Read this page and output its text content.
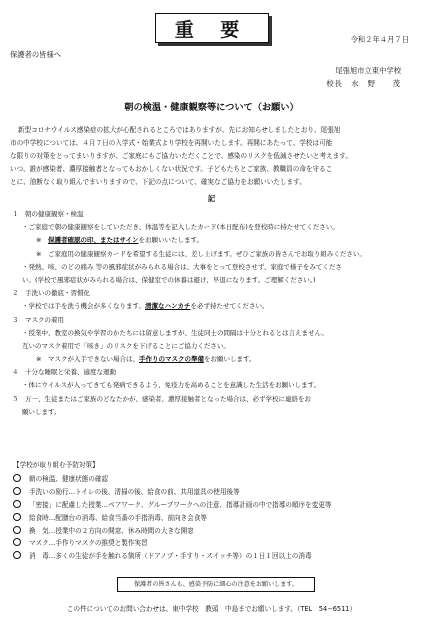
重 要	令和２年４月７日
保護者の皆様へ
尾張旭市立東中学校
校長　水　野　　茂
朝の検温・健康観察等について（お願い）

新型コロナウイルス感染症の拡大が心配されるところではありますが、先にお知らせしましたとおり、尾張旭

市の中学校については、４月７日の入学式・始業式より学校を再開いたします。再開にあたって、学校は可能
な限りの対策をとってまいりますが、ご家庭にもご協力いただくことで、感染のリスクを低減させたいと考えます。
いつ、誰が感染者、濃厚接触者となってもおかしくない状況です。子どもたちとご家族、教職員の命を守るこ
とに、油断なく取り組んでまいりますので、下記の点について、確実なご協力をお願いいたします。
記
１　朝の健康観察・検温
・ご家庭で朝の健康観察をしていただき、体温等を記入したカード(本日配布)を登校時に持たせてください。
※　 保護者確認の印、またはサインをお願いいたします。
※　ご家庭用の健康観察カードを希望する生徒には、差し上げます。ぜひご家族の皆さんでお取り組みください。
・発熱、咳、のどの痛み 等の風邪症状がみられる場合は、大事をとって登校させず、家庭で様子をみてくださ
い。(学校で風邪症状がみられる場合は、保健室での休養は避け、早退になります。ご理解ください。)
２　手洗いの徹底・習慣化
・学校では手を洗う機会が多くなります。清潔なハンカチを必ず持たせてください。
３　マスクの着用
・授業中、教室の換気や学習のかたちには留意しますが、生徒同士の間隔は十分とれるとは言えません。
互いのマスク着用で「咳き」のリスクを下げることにご協力ください。
※　マスクが入手できない場合は、手作りのマスクの準備をお願いします。
４　十分な睡眠と栄養、適度な運動
・体にウイルスが入ってきても発病できるよう、免疫力を高めることを意識した生活をお願いします。
５　万一、生徒またはご家族のどなたかが、感染者、濃厚接触者となった場合は、必ず学校に連絡をお
願いします。
【学校が取り組む予防対策】
朝の検温、健康状態の確認
手洗いの励行…トイレの後、清掃の後、給食の前、共用道具の使用後等
「密接」に配慮した授業…ペアワーク、グループワークへの注意、指導計画の中で指導の順序を変更等
給食時…配膳台の消毒、給食当番の手指消毒、前向き会食等
換　気…授業中の２方向の開窓、休み時間の大きな開窓
マスク…手作りマスクの推奨と製作実習
消　毒…多くの生徒が手を触れる箇所（ドアノブ・手すり・スイッチ等）の１日１回以上の消毒
保護者の皆さんも、感染予防に細心の注意をお願いします。
この件についてのお問い合わせは、東中学校　教頭　中島までお願いします。（TEL　54−6511）
